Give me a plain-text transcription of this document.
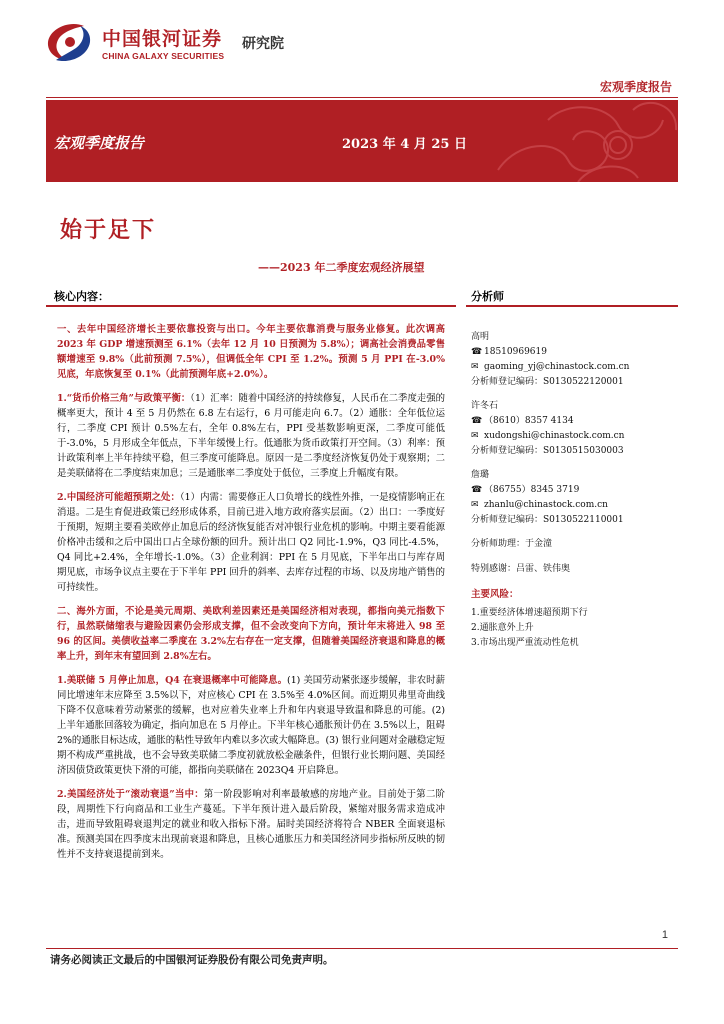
中国银河证券
CHINA GALAXY SECURITIES
研究院
宏观季度报告
宏观季度报告	2023 年 4 月 25 日
始于足下
——2023 年二季度宏观经济展望
核心内容：	分析师

一、去年中国经济增长主要依靠投资与出口。今年主要依靠消费与服务业修复。此次调高 2023 年 GDP 增速预测至 6.1%（去年 12 月 10 日预测为 5.8%）；调高社会消费品零售额增速至 9.8%（此前预测 7.5%），但调低全年 CPI 至 1.2%。预测 5 月 PPI 在-3.0%见底，年底恢复至 0.1%（此前预测年底+2.0%）。

1.“货币价格三角”与政策平衡：（1）汇率：随着中国经济的持续修复，人民币在二季度走强的概率更大，预计 4 至 5 月仍然在 6.8 左右运行，6 月可能走向 6.7。（2）通胀：全年低位运行，二季度 CPI 预计 0.5%左右，全年 0.8%左右，PPI 受基数影响更深，二季度可能低于-3.0%，5 月形成全年低点，下半年缓慢上行。低通胀为货币政策打开空间。（3）利率：预计政策利率上半年持续平稳，但三季度可能降息。原因一是二季度经济恢复仍处于观察期；二是美联储将在二季度结束加息；三是通胀率二季度处于低位，三季度上升幅度有限。

2.中国经济可能超预期之处：（1）内需：需要修正人口负增长的线性外推，一是疫情影响正在消退。二是生育促进政策已经形成体系，目前已进入地方政府落实层面。（2）出口：一季度好于预期，短期主要看美欧停止加息后的经济恢复能否对冲银行业危机的影响。中期主要看能源价格冲击缓和之后中国出口占全球份额的回升。预计出口 Q2 同比-1.9%，Q3 同比-4.5%，Q4 同比+2.4%，全年增长-1.0%。（3）企业利润：PPI 在 5 月见底，下半年出口与库存周期见底，市场争议点主要在于下半年 PPI 回升的斜率、去库存过程的市场、以及房地产销售的可持续性。

二、海外方面，不论是美元周期、美欧利差因素还是美国经济相对表现，都指向美元指数下行，虽然联储缩表与避险因素仍会形成支撑，但不会改变向下方向，预计年末将进入 98 至 96 的区间。美债收益率二季度在 3.2%左右存在一定支撑，但随着美国经济衰退和降息的概率上升，到年末有望回到 2.8%左右。

1.美联储 5 月停止加息，Q4 在衰退概率中可能降息。(1) 美国劳动紧张逐步缓解，非农时薪同比增速年末应降至 3.5%以下，对应核心 CPI 在 3.5%至 4.0%区间。而近期贝弗里奇曲线下降不仅意味着劳动紧张的缓解，也对应着失业率上升和年内衰退导致温和降息的可能。(2) 上半年通胀回落较为确定，指向加息在 5 月停止。下半年核心通胀预计仍在 3.5%以上，阻碍 2%的通胀目标达成，通胀的粘性导致年内难以多次或大幅降息。(3) 银行业问题对金融稳定短期不构成严重挑战，也不会导致美联储二季度初就放松金融条件，但银行业长期问题、美国经济因债贷政策更快下滑的可能，都指向美联储在 2023Q4 开启降息。

2.美国经济处于“滚动衰退”当中：第一阶段影响对利率最敏感的房地产业。目前处于第二阶段，周期性下行向商品和工业生产蔓延。下半年预计进入最后阶段，紧缩对服务需求造成冲击，进而导致阻碍衰退判定的就业和收入指标下滑。届时美国经济将符合 NBER 全面衰退标准。预测美国在四季度末出现前衰退和降息，且核心通胀压力和美国经济同步指标所反映的韧性并不支持衰退提前到来。

高明
☎ 18510969619
✉ gaoming_yj@chinastock.com.cn
分析师登记编码：S0130522120001
许冬石
☎ （8610）8357 4134
✉ xudongshi@chinastock.com.cn
分析师登记编码：S0130515030003
詹璐
☎ （86755）8345 3719
✉ zhanlu@chinastock.com.cn
分析师登记编码：S0130522110001
分析师助理：于金潼
特别感谢：吕雷、铁伟奥
主要风险：
1.重要经济体增速超预期下行
2.通胀意外上升
3.市场出现严重流动性危机
1
请务必阅读正文最后的中国银河证券股份有限公司免责声明。
